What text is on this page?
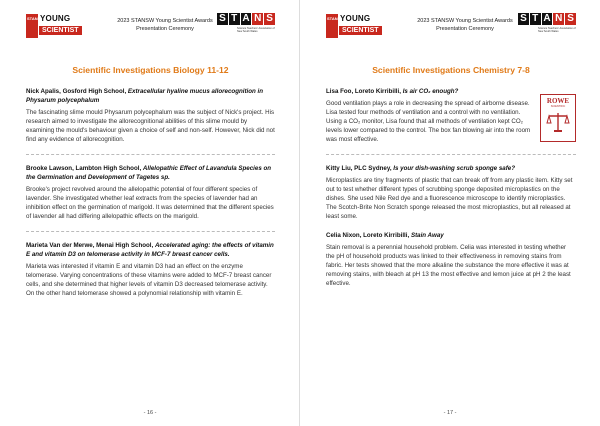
STANSW
YOUNG
SCIENTIST
2023 STANSW Young Scientist Awards
Presentation Ceremony
S T A N S
Science Teachers' Association of New South Wales
Scientific Investigations Biology 11-12
Nick Apalis, Gosford High School, Extracellular hyaline mucus allorecognition in Physarum polycephalum
The fascinating slime mould Physarum polycephalum was the subject of Nick's project. His research aimed to investigate the allorecognitional abilities of this slime mould by examining the mould's behaviour given a choice of self and non-self. However, Nick did not find any evidence of allorecognition.
Brooke Lawson, Lambton High School, Allelopathic Effect of Lavandula Species on the Germination and Development of Tagetes sp.
Brooke's project revolved around the allelopathic potential of four different species of lavender. She investigated whether leaf extracts from the species of lavender had an inhibition effect on the germination of marigold. It was determined that the different species of lavender all had differing allelopathic effects on the marigold.
Marieta Van der Merwe, Menai High School, Accelerated aging: the effects of vitamin E and vitamin D3 on telomerase activity in MCF-7 breast cancer cells.
Marieta was interested if vitamin E and vitamin D3 had an effect on the enzyme telomerase. Varying concentrations of these vitamins were added to MCF-7 breast cancer cells, and she determined that higher levels of vitamin D3 decreased telomerase activity. On the other hand telomerase showed a polynomial relationship with vitamin E.
- 16 -
STANSW
YOUNG
SCIENTIST
2023 STANSW Young Scientist Awards
Presentation Ceremony
S T A N S
Science Teachers' Association of New South Wales
Scientific Investigations Chemistry 7-8
ROWE
SCIENTIFIC
Lisa Foo, Loreto Kirribilli, Is air CO₂ enough?
Good ventilation plays a role in decreasing the spread of airborne disease. Lisa tested four methods of ventilation and a control with no ventilation. Using a CO₂ monitor, Lisa found that all methods of ventilation kept CO₂ levels lower compared to the control. The box fan blowing air into the room was most effective.
Kitty Liu, PLC Sydney, Is your dish-washing scrub sponge safe?
Microplastics are tiny fragments of plastic that can break off from any plastic item. Kitty set out to test whether different types of scrubbing sponge deposited microplastics on the dishes. She used Nile Red dye and a fluorescence microscope to identify microplastics. The Scotch-Brite Non Scratch sponge released the most microplastics, but all released at least some.
Celia Nixon, Loreto Kirribilli, Stain Away
Stain removal is a perennial household problem. Celia was interested in testing whether the pH of household products was linked to their effectiveness in removing stains from fabric. Her tests showed that the more alkaline the substance the more effective it was at removing stains, with bleach at pH 13 the most effective and lemon juice at pH 2 the least effective.
- 17 -
